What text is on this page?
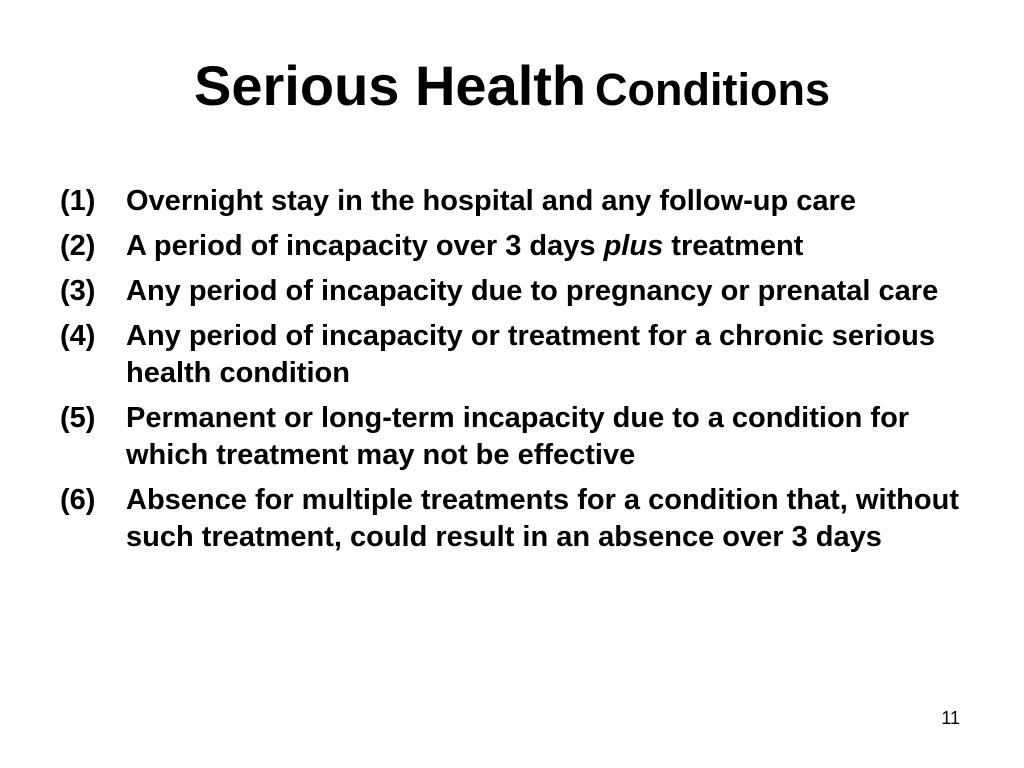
Serious Health Conditions
(1) Overnight stay in the hospital and any follow-up care
(2) A period of incapacity over 3 days plus treatment
(3) Any period of incapacity due to pregnancy or prenatal care
(4) Any period of incapacity or treatment for a chronic serious health condition
(5) Permanent or long-term incapacity due to a condition for which treatment may not be effective
(6) Absence for multiple treatments for a condition that, without such treatment, could result in an absence over 3 days
11
